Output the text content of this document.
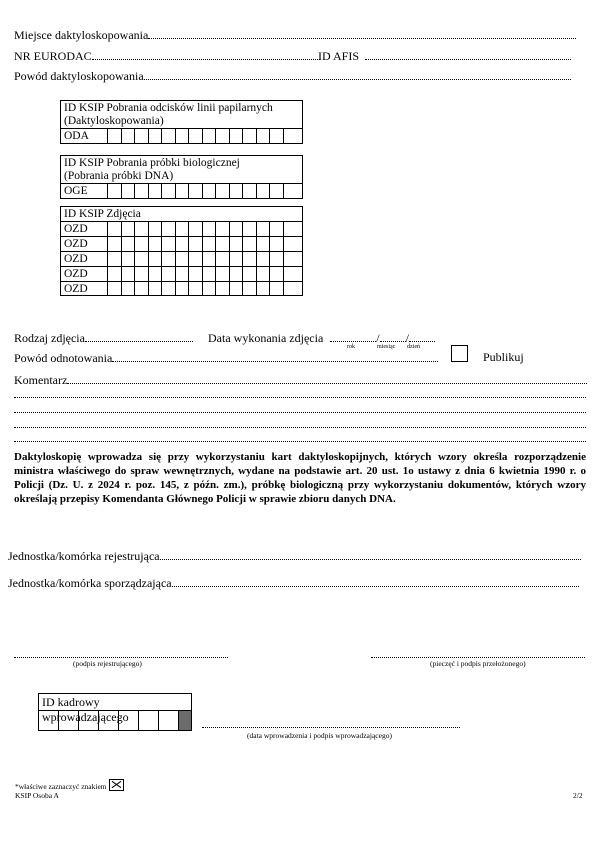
Miejsce daktyloskopowania
NR EURODAC	ID AFIS
Powód daktyloskopowania
ID KSIP Pobrania odcisków linii papilarnych
(Daktyloskopowania)
ODA
ID KSIP Pobrania próbki biologicznej
(Pobrania próbki DNA)
OGE
ID KSIP Zdjęcia
OZD
OZD
OZD
OZD
OZD
Rodzaj zdjęcia	Data wykonania zdjęcia	/ /
rok	miesiąc dzień
Powód odnotowania	Publikuj
Komentarz
Daktyloskopię wprowadza się przy wykorzystaniu kart daktyloskopijnych, których wzory określa rozporządzenie ministra właściwego do spraw wewnętrznych, wydane na podstawie art. 20 ust. 1o ustawy z dnia 6 kwietnia 1990 r. o Policji (Dz. U. z 2024 r. poz. 145, z późn. zm.), próbkę biologiczną przy wykorzystaniu dokumentów, których wzory określają przepisy Komendanta Głównego Policji w sprawie zbioru danych DNA.
Jednostka/komórka rejestrująca
Jednostka/komórka sporządzająca
(podpis rejestrującego)	(pieczęć i podpis przełożonego)
ID kadrowy wprowadzającego
(data wprowadzenia i podpis wprowadzającego)
*właściwe zaznaczyć znakiem
KSIP Osoba A	2/2
